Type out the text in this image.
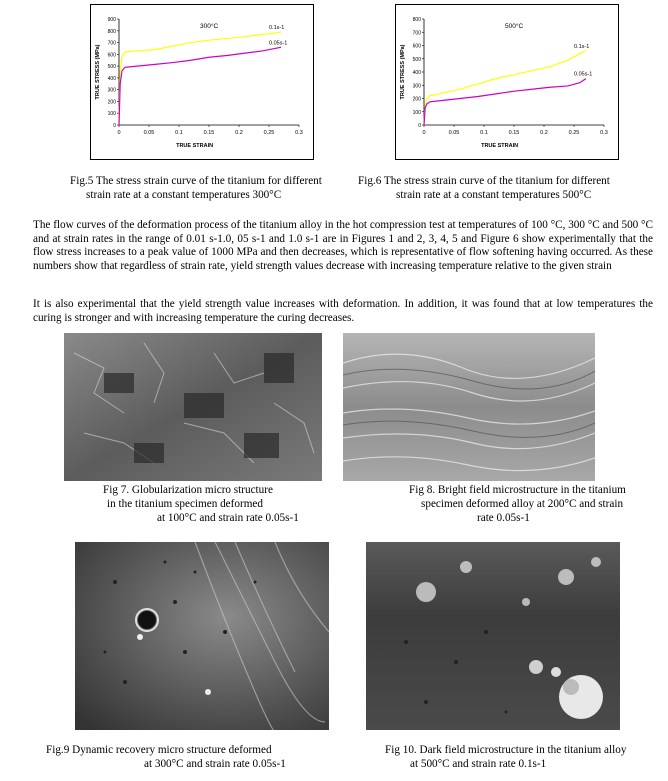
0
100
200
300
400
500
600
700
800
900
0	0.05	0.1	0.15	0.2	0.25	0.3
TRUE STRAIN
TRUE STRESS (MPa)
300°C	0.1s-1
0.05s-1
0
100
200
300
400
500
600
700
800
0	0.05	0.1	0.15	0.2	0.25	0.3
TRUE STRAIN
TRUE STRESS (MPa)
500°C
0.1s-1
0.05s-1
Fig.5 The stress strain curve of the titanium for different
strain rate at a constant temperatures 300°C
Fig.6 The stress strain curve of the titanium for different
strain rate at a constant temperatures 500°C
The flow curves of the deformation process of the titanium alloy in the hot compression test at temperatures of 100 °C, 300 °C and 500 °C and at strain rates in the range of 0.01 s-1.0, 05 s-1 and 1.0 s-1 are in Figures 1 and 2, 3, 4, 5 and Figure 6 show experimentally that the flow stress increases to a peak value of 1000 MPa and then decreases, which is representative of flow softening having occurred. As these numbers show that regardless of strain rate, yield strength values decrease with increasing temperature relative to the given strain
It is also experimental that the yield strength value increases with deformation. In addition, it was found that at low temperatures the curing is stronger and with increasing temperature the curing decreases.
Fig 7. Globularization micro structure
in the titanium specimen deformed
at 100°C and strain rate 0.05s-1
Fig 8. Bright field microstructure in the titanium
specimen deformed alloy at 200°C and strain
rate 0.05s-1
Fig.9 Dynamic recovery micro structure deformed
at 300°C and strain rate 0.05s-1
Fig 10. Dark field microstructure in the titanium alloy
at 500°C and strain rate 0.1s-1
